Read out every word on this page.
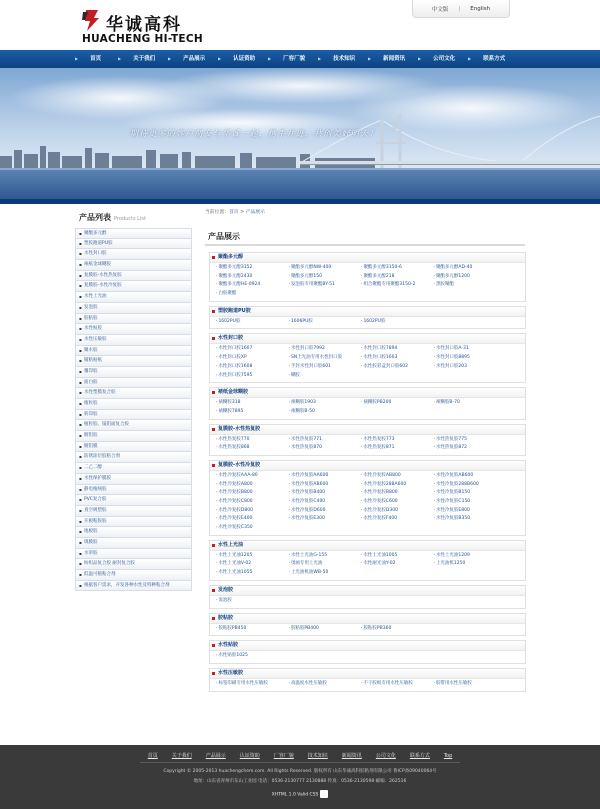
华诚高科
HUACHENG HI-TECH
中文版 | English
▶ 首页	▶ 关于我们	▶ 产品展示	▶ 认证资助	▶ 厂容厂貌	▶ 技术知识	▶ 新闻资讯	▶ 公司文化	▶ 联系方式
期待更多的客户朋友与华诚一起，携手并进，共创美好明天！
产品列表 Products List
▪ 聚酯多元醇
▪ 塑胶跑道PU胶
▪ 水性封口胶
▪ 裱纸金球糊胶
▪ 复膜胶-水性热复胶
▪ 复膜胶-水性冷复胶
▪ 水性上光油
▪ 发泡胶
▪ 胶粘胶
▪ 水性贴胶
▪ 水性压敏胶
▪ 聚水胶
▪ 铺粘贴纸
▪ 覆印胶
▪ 面白胶
▪ 水性塑膜复合胶
▪ 植粒胶
▪ 转印胶
▪ 植粒胶、镜铝面复合胶
▪ 镀铝胶
▪ 镀铝膜
▪ 防锈涂层胶粘合剂
▪ 二乙二醇
▪ 水性保护膜胶
▪ 静电植绒胶
▪ PVC复合胶
▪ 真空吸塑胶
▪ 开板粘胶胶
▪ 地板胶
▪ 填膜胶
▪ 水帘胶
▪ 纺织品复合胶 耐封复合胶
▪ 低温可植粘合剂
▪ 根据客户需求，开发各种水性及特种粘合剂
当前位置：首页 > 产品展示
产品展示
聚酯多元醇
·聚酯多元醇3152	·聚酯多元醇NW-400	·聚酯多元醇3150-6	·聚酯多元醇AD-40
·聚酯多元醇2430	·聚酯多元醇150	·聚酯多元醇218	·聚酯多元醇1200
·聚酯多元醇HE-0924	·发泡胶专用聚酯BY-51	·组合聚酯专用聚酯3150-2	·黑胶聚酯
·白胶聚酯
塑胶跑道PU胶
·1602PU胶	·1606PU胶	·1602PU胶
水性封口胶
·水性封口胶1607	·水性封口胶7992	·水性封口胶7894	·水性封口胶A-31
·水性封口胶XP	·SN上光油专用水性封口胶	·水性封口胶1603	·水性封口胶8895
·水性封口胶1608	·手封水性封口胶601	·水性胶彩盒封口胶602	·水性封口胶203
·水性封口胶7595	·糊胶
裱纸金球糊胶
·裱糊胶318	·裱糊胶1903	·裱糊胶PB200	·裱糊胶B-70
·裱糊胶7895	·裱糊胶B-50
复膜胶-水性热复胶
·水性热复胶770	·水性热复胶771	·水性热复胶773	·水性热复胶775
·水性热复胶868	·水性热复胶870	·水性热复胶871	·水性热复胶872
复膜胶-水性冷复胶
·水性冷复胶AAA-80	·水性冷复胶AA600	·水性冷复胶AB800	·水性冷复胶AB600
·水性冷复胶A800	·水性冷复胶AB600	·水性冷复胶288A600	·水性冷复胶288B600
·水性冷复胶B800	·水性冷复胶B400	·水性冷复胶B800	·水性冷复胶B150
·水性冷复胶C800	·水性冷复胶C400	·水性冷复胶C600	·水性冷复胶C150
·水性冷复胶D800	·水性冷复胶D600	·水性冷复胶D300	·水性冷复胶E800
·水性冷复胶E400	·水性冷复胶E300	·水性冷复胶F400	·水性冷复胶B350
·水性冷复胶C350
水性上光油
·水性上光油1205	·水性上光油G-155	·水性上光油1005	·水性上光油1209
·水性上光油V-02	·烫画专用上光油	·水性耐光油Y-02	·上光油机1250
·水性上光油1055	·上光油机油WB-50
发泡胶
·发泡胶
胶粘胶
·胶粘胶PB450	·胶粘胶PB400	·胶粘胶PB360
水性贴胶
·水性贴胶1025
水性压敏胶
·标签印刷专用水性压敏胶	·高温度水性压敏胶	·不干胶纸专用水性压敏胶	·胶带用水性压敏胶
首页	关于我们	产品展示	认证资助	厂容厂貌	技术知识	新闻资讯	公司文化	联系方式	Top
Copyright © 2005-2013 huachengchem.com. All Rights Reserved. 版权所有 山东华诚高科胶粘剂有限公司 鲁ICP备09040064号
地址：山东省青州市东山工业园 电话：0536-2130777 2130888 传真：0536-2130598 邮编：262516
XHTML 1.0 Valid CSS
